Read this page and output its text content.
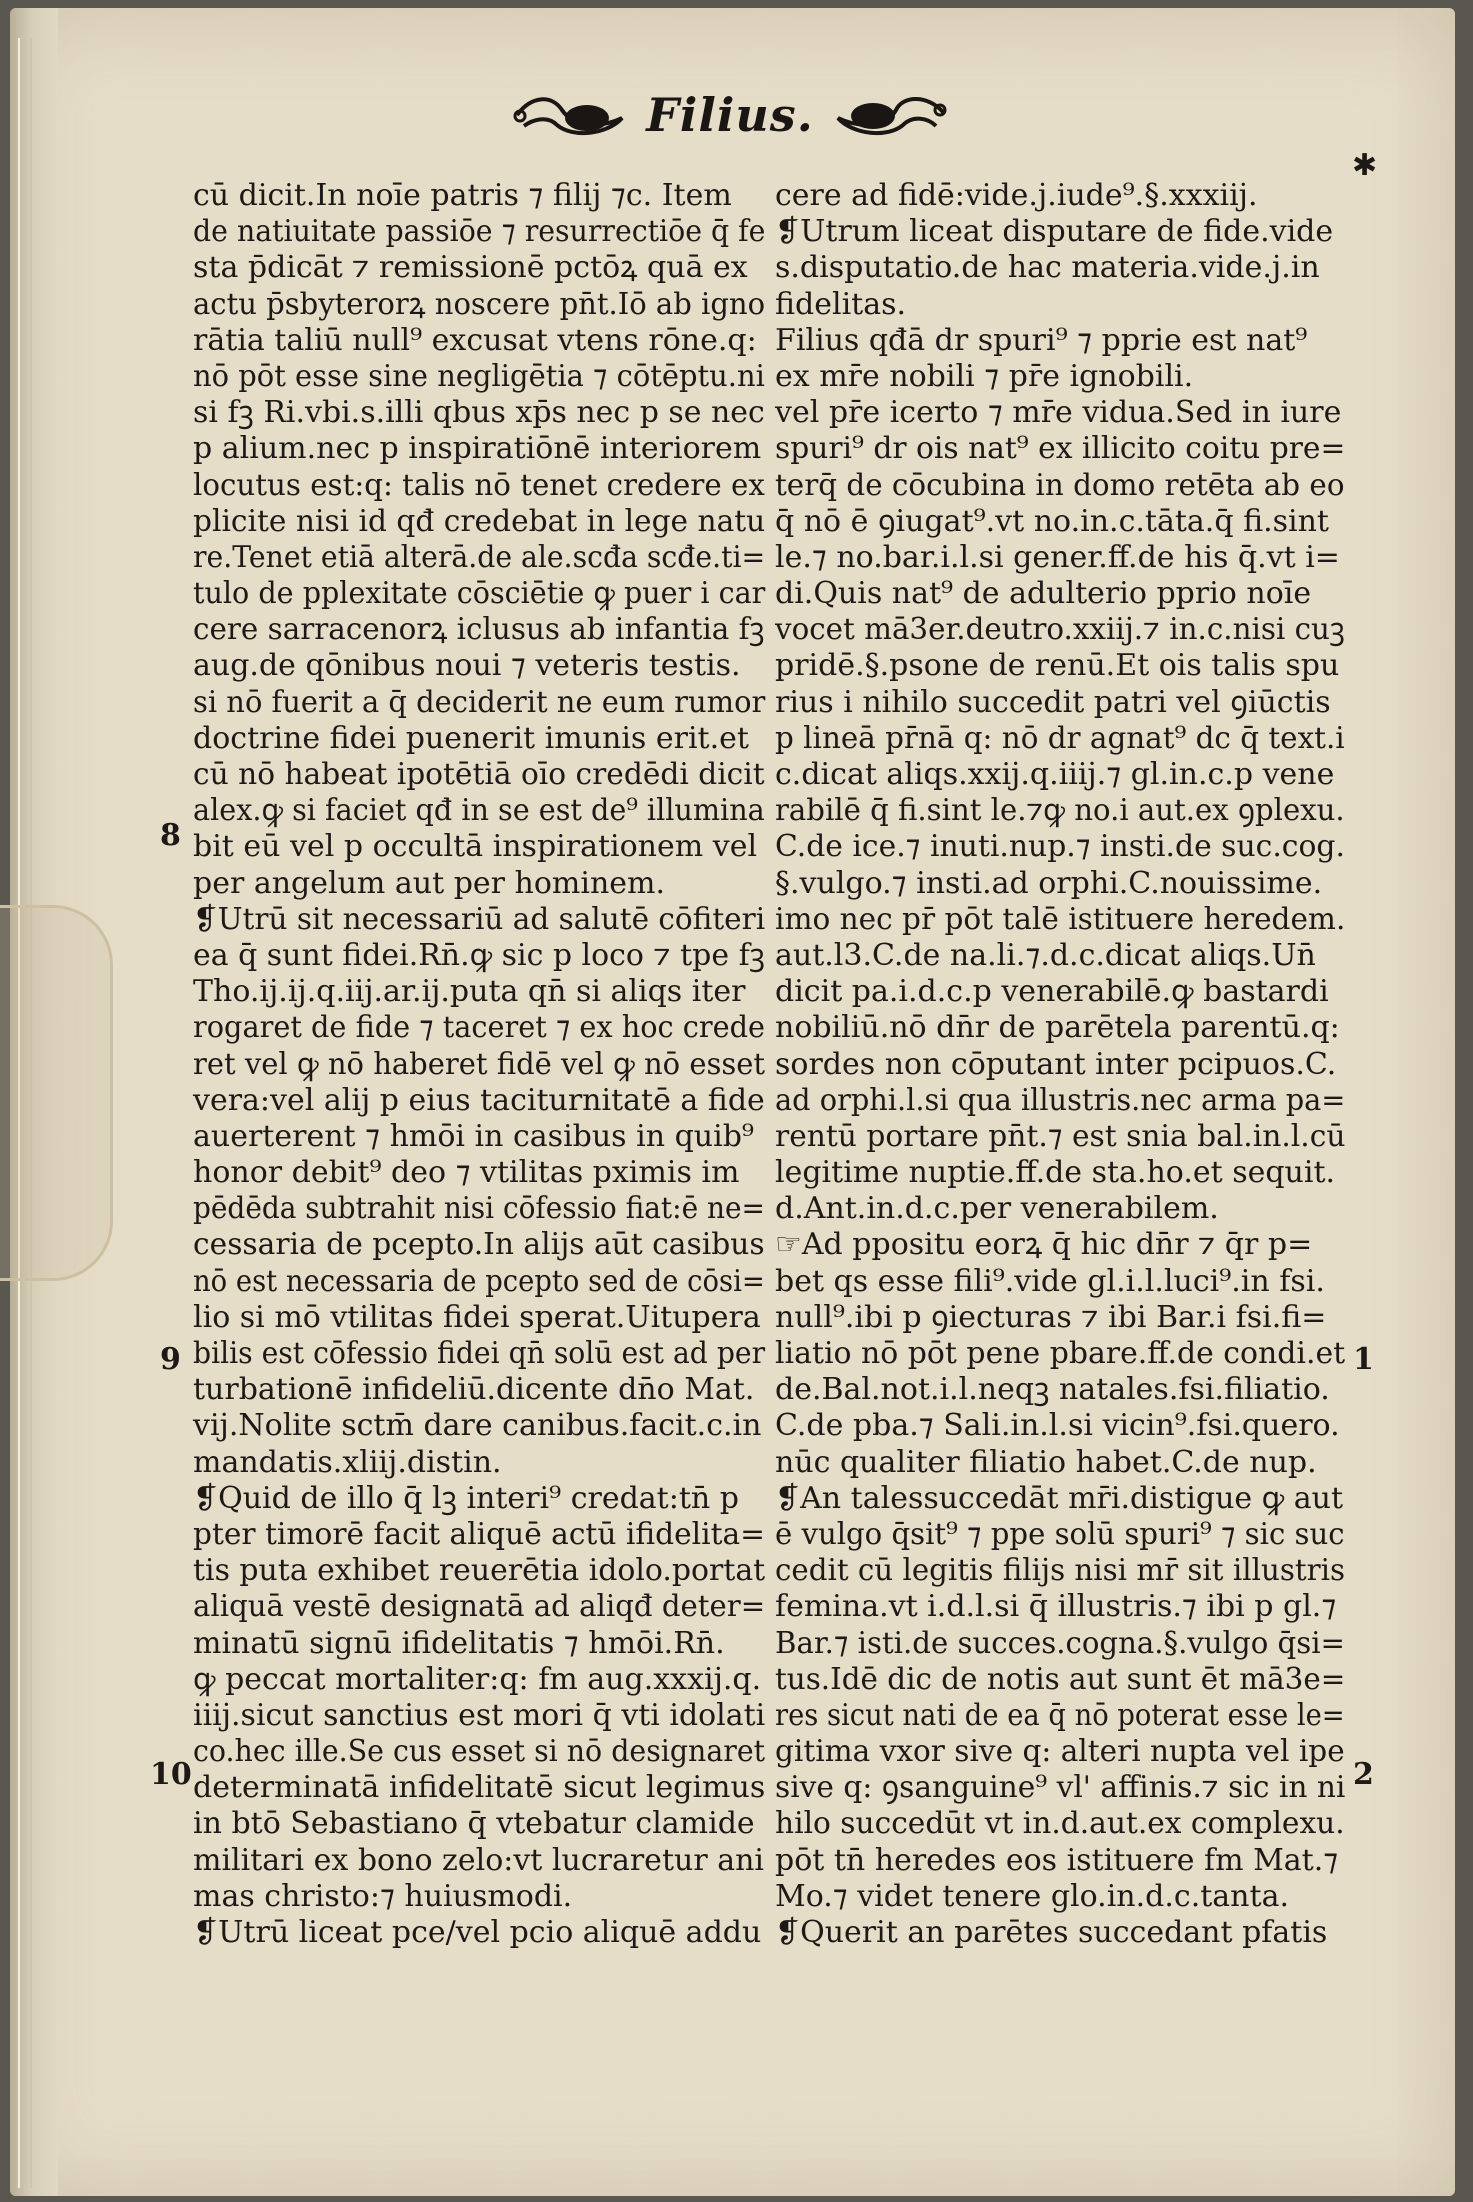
Filius.
✱
8
9
10
1
2
cū dicit.In noīe patris ⁊ filij ⁊c. Item
de natiuitate passiōe ⁊ resurrectiōe q̄ fe
sta p̄dicāt ⁊ remissionē pctōꝝ quā ex
actu p̄sbyterorꝝ noscere pn̄t.Iō ab igno
rātia taliū null⁹ excusat vtens rōne.q:
nō pōt esse sine negligētia ⁊ cōtēptu.ni
si fꝫ Ri.vbi.s.illi qbus xp̄s nec p se nec
p alium.nec p inspiratiōnē interiorem
locutus est:q: talis nō tenet credere ex
plicite nisi id qđ credebat in lege natu
re.Tenet etiā alterā.de ale.scđa scđe.ti=
tulo de pplexitate cōsciētie ꝙ puer i car
cere sarracenorꝝ iclusus ab infantia fꝫ
aug.de qōnibus noui ⁊ veteris testis.
si nō fuerit a q̄ deciderit ne eum rumor
doctrine fidei puenerit imunis erit.et
cū nō habeat ipotētiā oīo credēdi dicit
alex.ꝙ si faciet qđ in se est de⁹ illumina
bit eū vel p occultā inspirationem vel
per angelum aut per hominem.
❡Utrū sit necessariū ad salutē cōfiteri
ea q̄ sunt fidei.Rn̄.ꝙ sic p loco ⁊ tpe fꝫ
Tho.ij.ij.q.iij.ar.ij.puta qn̄ si aliqs iter
rogaret de fide ⁊ taceret ⁊ ex hoc crede
ret vel ꝙ nō haberet fidē vel ꝙ nō esset
vera:vel alij p eius taciturnitatē a fide
auerterent ⁊ hmōi in casibus in quib⁹
honor debit⁹ deo ⁊ vtilitas pximis im
pēdēda subtrahit nisi cōfessio fiat:ē ne=
cessaria de pcepto.In alijs aūt casibus
nō est necessaria de pcepto sed de cōsi=
lio si mō vtilitas fidei sperat.Uitupera
bilis est cōfessio fidei qn̄ solū est ad per
turbationē infideliū.dicente dn̄o Mat.
vij.Nolite sctm̄ dare canibus.facit.c.in
mandatis.xliij.distin.
❡Quid de illo q̄ lꝫ interi⁹ credat:tn̄ p
pter timorē facit aliquē actū ifidelita=
tis puta exhibet reuerētia idolo.portat
aliquā vestē designatā ad aliqđ deter=
minatū signū ifidelitatis ⁊ hmōi.Rn̄.
ꝙ peccat mortaliter:q: fm aug.xxxij.q.
iiij.sicut sanctius est mori q̄ vti idolati
co.hec ille.Se cus esset si nō designaret
determinatā infidelitatē sicut legimus
in btō Sebastiano q̄ vtebatur clamide
militari ex bono zelo:vt lucraretur ani
mas christo:⁊ huiusmodi.
❡Utrū liceat pce/vel pcio aliquē addu
cere ad fidē:vide.j.iude⁹.§.xxxiij.
❡Utrum liceat disputare de fide.vide
s.disputatio.de hac materia.vide.j.in
fidelitas.
Filius qđā dr spuri⁹ ⁊ pprie est nat⁹
ex mr̄e nobili ⁊ pr̄e ignobili.
vel pr̄e icerto ⁊ mr̄e vidua.Sed in iure
spuri⁹ dr ois nat⁹ ex illicito coitu pre=
terq̄ de cōcubina in domo retēta ab eo
q̄ nō ē ꝯiugat⁹.vt no.in.c.tāta.q̄ fi.sint
le.⁊ no.bar.i.l.si gener.ff.de his q̄.vt i=
di.Quis nat⁹ de adulterio pprio noīe
vocet mā3er.deutro.xxiij.⁊ in.c.nisi cuꝫ
pridē.§.psone de renū.Et ois talis spu
rius i nihilo succedit patri vel ꝯiūctis
p lineā pr̄nā q: nō dr agnat⁹ dc q̄ text.i
c.dicat aliqs.xxij.q.iiij.⁊ gl.in.c.p vene
rabilē q̄ fi.sint le.⁊ꝙ no.i aut.ex ꝯplexu.
C.de ice.⁊ inuti.nup.⁊ insti.de suc.cog.
§.vulgo.⁊ insti.ad orphi.C.nouissime.
imo nec pr̄ pōt talē istituere heredem.
aut.l3.C.de na.li.⁊.d.c.dicat aliqs.Un̄
dicit pa.i.d.c.p venerabilē.ꝙ bastardi
nobiliū.nō dn̄r de parētela parentū.q:
sordes non cōputant inter pcipuos.C.
ad orphi.l.si qua illustris.nec arma pa=
rentū portare pn̄t.⁊ est snia bal.in.l.cū
legitime nuptie.ff.de sta.ho.et sequit.
d.Ant.in.d.c.per venerabilem.
☞Ad ppositu eorꝝ q̄ hic dn̄r ⁊ q̄r p=
bet qs esse fili⁹.vide gl.i.l.luci⁹.in fsi.
null⁹.ibi p ꝯiecturas ⁊ ibi Bar.i fsi.fi=
liatio nō pōt pene pbare.ff.de condi.et
de.Bal.not.i.l.neqꝫ natales.fsi.filiatio.
C.de pba.⁊ Sali.in.l.si vicin⁹.fsi.quero.
nūc qualiter filiatio habet.C.de nup.
❡An talessuccedāt mr̄i.distigue ꝙ aut
ē vulgo q̄sit⁹ ⁊ ppe solū spuri⁹ ⁊ sic suc
cedit cū legitis filijs nisi mr̄ sit illustris
femina.vt i.d.l.si q̄ illustris.⁊ ibi p gl.⁊
Bar.⁊ isti.de succes.cogna.§.vulgo q̄si=
tus.Idē dic de notis aut sunt ēt mā3e=
res sicut nati de ea q̄ nō poterat esse le=
gitima vxor sive q: alteri nupta vel ipe
sive q: ꝯsanguine⁹ vl' affinis.⁊ sic in ni
hilo succedūt vt in.d.aut.ex complexu.
pōt tn̄ heredes eos istituere fm Mat.⁊
Mo.⁊ videt tenere glo.in.d.c.tanta.
❡Querit an parētes succedant pfatis
